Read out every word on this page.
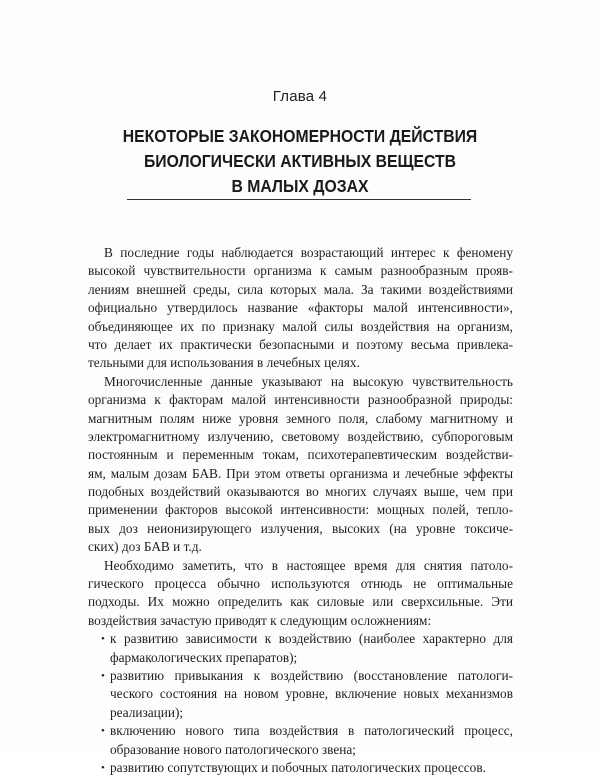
Глава 4
НЕКОТОРЫЕ ЗАКОНОМЕРНОСТИ ДЕЙСТВИЯ
БИОЛОГИЧЕСКИ АКТИВНЫХ ВЕЩЕСТВ
В МАЛЫХ ДОЗАХ
В последние годы наблюдается возрастающий интерес к феномену
высокой чувствительности организма к самым разнообразным прояв-
лениям внешней среды, сила которых мала. За такими воздействиями
официально утвердилось название «факторы малой интенсивности»,
объединяющее их по признаку малой силы воздействия на организм,
что делает их практически безопасными и поэтому весьма привлека-
тельными для использования в лечебных целях.
Многочисленные данные указывают на высокую чувствительность
организма к факторам малой интенсивности разнообразной природы:
магнитным полям ниже уровня земного поля, слабому магнитному и
электромагнитному излучению, световому воздействию, субпороговым
постоянным и переменным токам, психотерапевтическим воздействи-
ям, малым дозам БАВ. При этом ответы организма и лечебные эффекты
подобных воздействий оказываются во многих случаях выше, чем при
применении факторов высокой интенсивности: мощных полей, тепло-
вых доз неионизирующего излучения, высоких (на уровне токсиче-
ских) доз БАВ и т.д.
Необходимо заметить, что в настоящее время для снятия патоло-
гического процесса обычно используются отнюдь не оптимальные
подходы. Их можно определить как силовые или сверхсильные. Эти
воздействия зачастую приводят к следующим осложнениям:
• к развитию зависимости к воздействию (наиболее характерно для
фармакологических препаратов);
• развитию привыкания к воздействию (восстановление патологи-
ческого состояния на новом уровне, включение новых механизмов
реализации);
• включению нового типа воздействия в патологический процесс,
образование нового патологического звена;
• развитию сопутствующих и побочных патологических процессов.
